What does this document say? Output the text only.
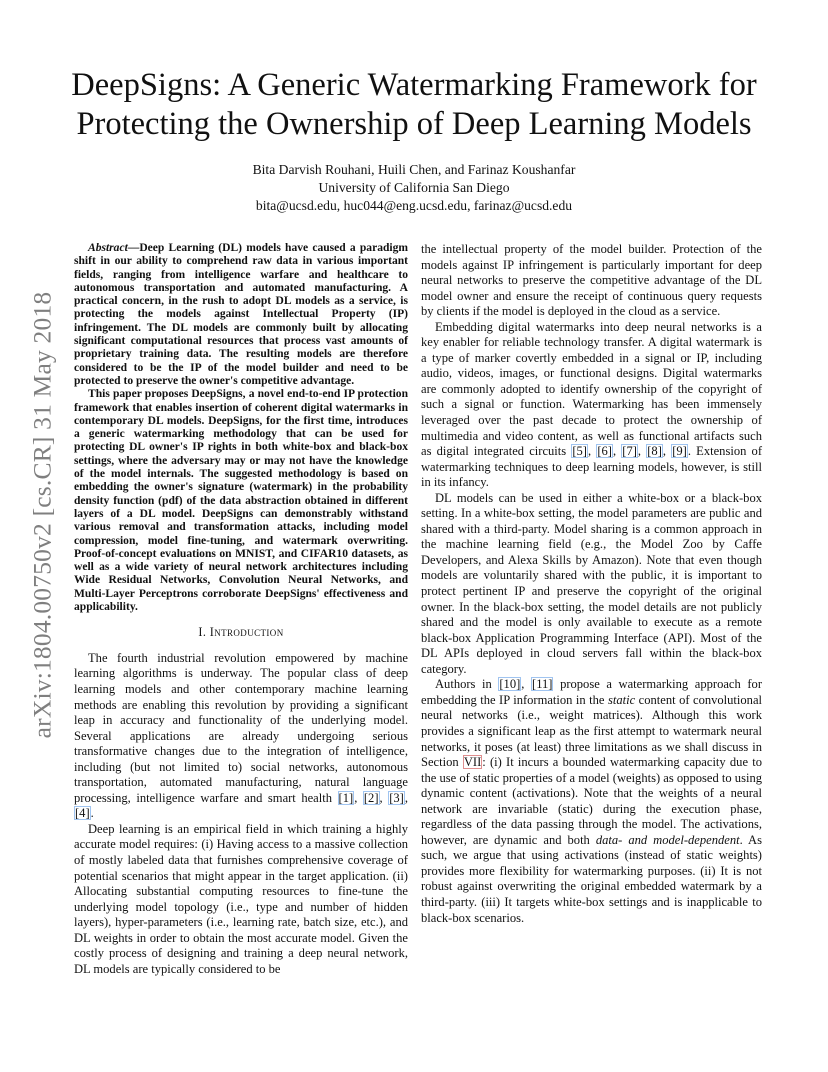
arXiv:1804.00750v2 [cs.CR] 31 May 2018
DeepSigns: A Generic Watermarking Framework for
Protecting the Ownership of Deep Learning Models
Bita Darvish Rouhani, Huili Chen, and Farinaz Koushanfar
University of California San Diego
bita@ucsd.edu, huc044@eng.ucsd.edu, farinaz@ucsd.edu

Abstract—Deep Learning (DL) models have caused a paradigm shift in our ability to comprehend raw data in various important fields, ranging from intelligence warfare and healthcare to autonomous transportation and automated manufacturing. A practical concern, in the rush to adopt DL models as a service, is protecting the models against Intellectual Property (IP) infringement. The DL models are commonly built by allocating significant computational resources that process vast amounts of proprietary training data. The resulting models are therefore considered to be the IP of the model builder and need to be protected to preserve the owner's competitive advantage.

This paper proposes DeepSigns, a novel end-to-end IP protection framework that enables insertion of coherent digital watermarks in contemporary DL models. DeepSigns, for the first time, introduces a generic watermarking methodology that can be used for protecting DL owner's IP rights in both white-box and black-box settings, where the adversary may or may not have the knowledge of the model internals. The suggested methodology is based on embedding the owner's signature (watermark) in the probability density function (pdf) of the data abstraction obtained in different layers of a DL model. DeepSigns can demonstrably withstand various removal and transformation attacks, including model compression, model fine-tuning, and watermark overwriting. Proof-of-concept evaluations on MNIST, and CIFAR10 datasets, as well as a wide variety of neural network architectures including Wide Residual Networks, Convolution Neural Networks, and Multi-Layer Perceptrons corroborate DeepSigns' effectiveness and applicability.

I. Introduction

The fourth industrial revolution empowered by machine learning algorithms is underway. The popular class of deep learning models and other contemporary machine learning methods are enabling this revolution by providing a significant leap in accuracy and functionality of the underlying model. Several applications are already undergoing serious transformative changes due to the integration of intelligence, including (but not limited to) social networks, autonomous transportation, automated manufacturing, natural language processing, intelligence warfare and smart health [1], [2], [3], [4].

Deep learning is an empirical field in which training a highly accurate model requires: (i) Having access to a massive collection of mostly labeled data that furnishes comprehensive coverage of potential scenarios that might appear in the target application. (ii) Allocating substantial computing resources to fine-tune the underlying model topology (i.e., type and number of hidden layers), hyper-parameters (i.e., learning rate, batch size, etc.), and DL weights in order to obtain the most accurate model. Given the costly process of designing and training a deep neural network, DL models are typically considered to be

the intellectual property of the model builder. Protection of the models against IP infringement is particularly important for deep neural networks to preserve the competitive advantage of the DL model owner and ensure the receipt of continuous query requests by clients if the model is deployed in the cloud as a service.

Embedding digital watermarks into deep neural networks is a key enabler for reliable technology transfer. A digital watermark is a type of marker covertly embedded in a signal or IP, including audio, videos, images, or functional designs. Digital watermarks are commonly adopted to identify ownership of the copyright of such a signal or function. Watermarking has been immensely leveraged over the past decade to protect the ownership of multimedia and video content, as well as functional artifacts such as digital integrated circuits [5], [6], [7], [8], [9]. Extension of watermarking techniques to deep learning models, however, is still in its infancy.

DL models can be used in either a white-box or a black-box setting. In a white-box setting, the model parameters are public and shared with a third-party. Model sharing is a common approach in the machine learning field (e.g., the Model Zoo by Caffe Developers, and Alexa Skills by Amazon). Note that even though models are voluntarily shared with the public, it is important to protect pertinent IP and preserve the copyright of the original owner. In the black-box setting, the model details are not publicly shared and the model is only available to execute as a remote black-box Application Programming Interface (API). Most of the DL APIs deployed in cloud servers fall within the black-box category.

Authors in [10], [11] propose a watermarking approach for embedding the IP information in the static content of convolutional neural networks (i.e., weight matrices). Although this work provides a significant leap as the first attempt to watermark neural networks, it poses (at least) three limitations as we shall discuss in Section VII: (i) It incurs a bounded watermarking capacity due to the use of static properties of a model (weights) as opposed to using dynamic content (activations). Note that the weights of a neural network are invariable (static) during the execution phase, regardless of the data passing through the model. The activations, however, are dynamic and both data- and model-dependent. As such, we argue that using activations (instead of static weights) provides more flexibility for watermarking purposes. (ii) It is not robust against overwriting the original embedded watermark by a third-party. (iii) It targets white-box settings and is inapplicable to black-box scenarios.
